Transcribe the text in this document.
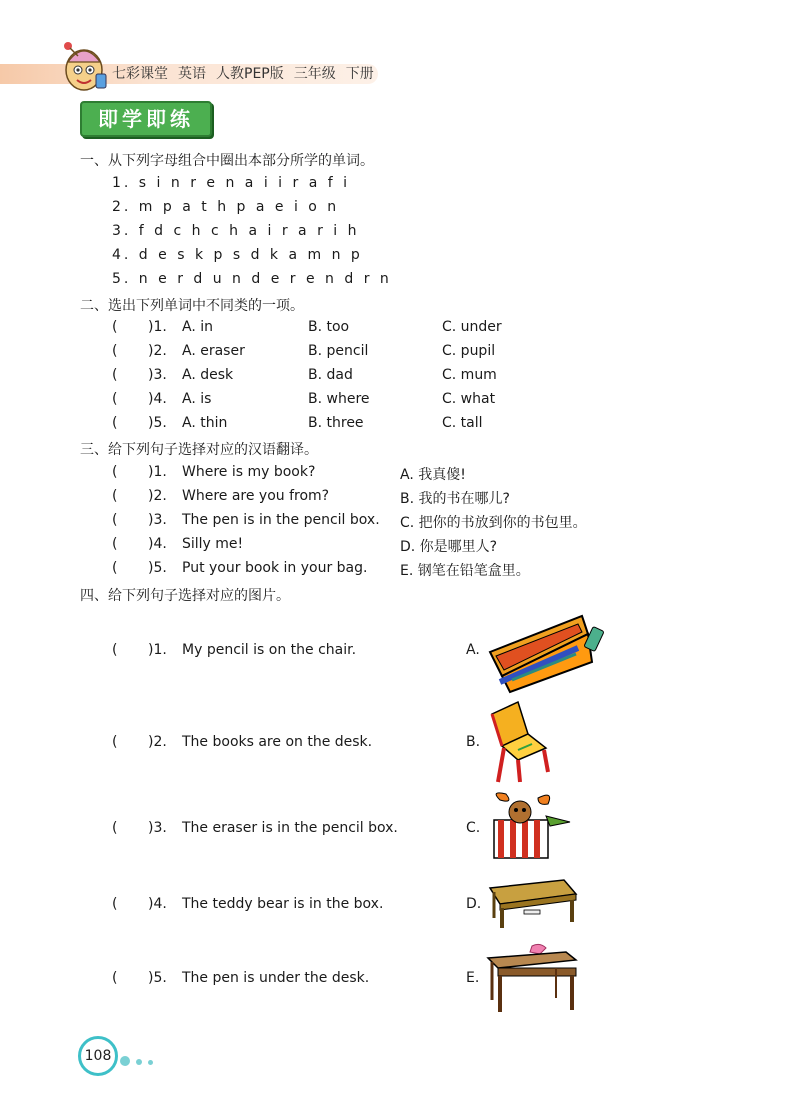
七彩课堂 英语 人教PEP版 三年级 下册
即学即练
一、从下列字母组合中圈出本部分所学的单词。
1. s i n r e n a i i r a f i
2. m p a t h p a e i o n
3. f d c h c h a i r a r i h
4. d e s k p s d k a m n p
5. n e r d u n d e r e n d r n
二、选出下列单词中不同类的一项。
( )1. A. in	B. too	C. under
( )2. A. eraser	B. pencil	C. pupil
( )3. A. desk	B. dad	C. mum
( )4. A. is	B. where	C. what
( )5. A. thin	B. three	C. tall
三、给下列句子选择对应的汉语翻译。
( )1. Where is my book?	A. 我真傻!
( )2. Where are you from?	B. 我的书在哪儿?
( )3. The pen is in the pencil box. C. 把你的书放到你的书包里。
( )4. Silly me!	D. 你是哪里人?
( )5. Put your book in your bag. E. 钢笔在铅笔盒里。
四、给下列句子选择对应的图片。
( )1. My pencil is on the chair.	A.
( )2. The books are on the desk.	B.
( )3. The eraser is in the pencil box.	C.
( )4. The teddy bear is in the box.	D.
( )5. The pen is under the desk.	E.
108
